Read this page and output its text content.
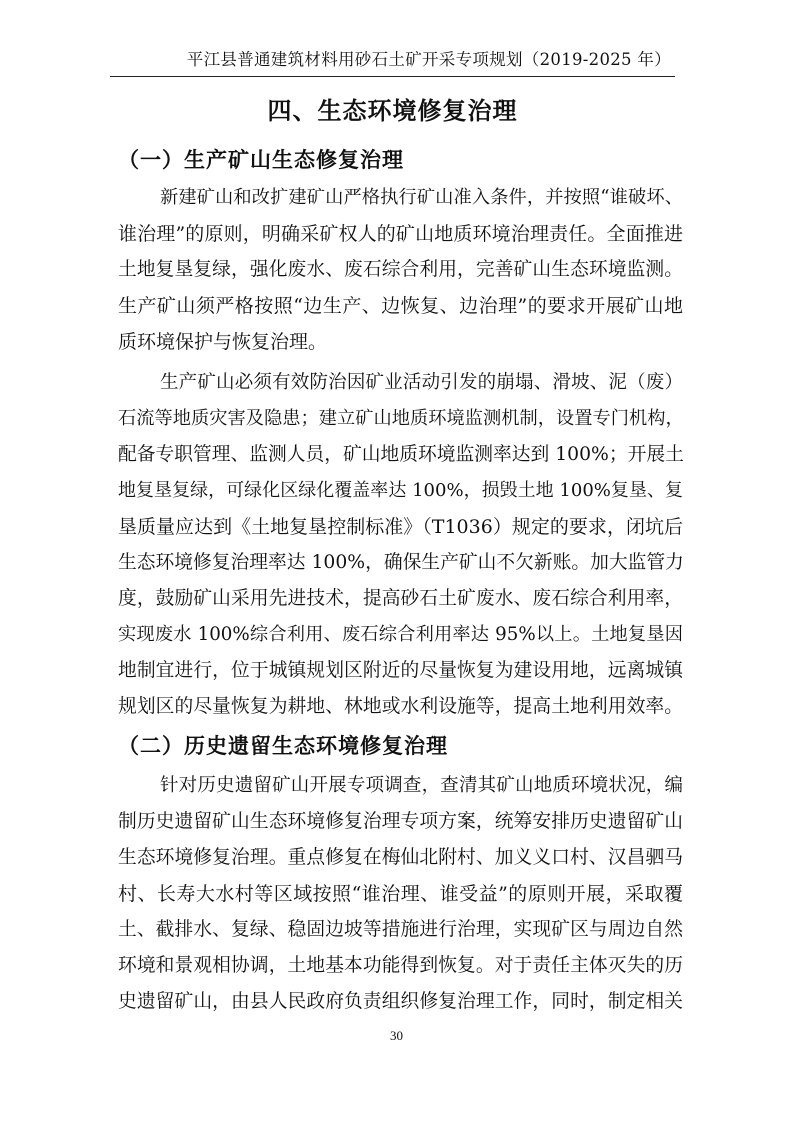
平江县普通建筑材料用砂石土矿开采专项规划（2019-2025 年）
四、生态环境修复治理
（一）生产矿山生态修复治理
新建矿山和改扩建矿山严格执行矿山准入条件，并按照“谁破坏、
谁治理”的原则，明确采矿权人的矿山地质环境治理责任。全面推进
土地复垦复绿，强化废水、废石综合利用，完善矿山生态环境监测。
生产矿山须严格按照“边生产、边恢复、边治理”的要求开展矿山地
质环境保护与恢复治理。
生产矿山必须有效防治因矿业活动引发的崩塌、滑坡、泥（废）
石流等地质灾害及隐患；建立矿山地质环境监测机制，设置专门机构，
配备专职管理、监测人员，矿山地质环境监测率达到 100%；开展土
地复垦复绿，可绿化区绿化覆盖率达 100%，损毁土地 100%复垦、复
垦质量应达到《土地复垦控制标准》（T1036）规定的要求，闭坑后
生态环境修复治理率达 100%，确保生产矿山不欠新账。加大监管力
度，鼓励矿山采用先进技术，提高砂石土矿废水、废石综合利用率，
实现废水 100%综合利用、废石综合利用率达 95%以上。土地复垦因
地制宜进行，位于城镇规划区附近的尽量恢复为建设用地，远离城镇
规划区的尽量恢复为耕地、林地或水利设施等，提高土地利用效率。
（二）历史遗留生态环境修复治理
针对历史遗留矿山开展专项调查，查清其矿山地质环境状况，编
制历史遗留矿山生态环境修复治理专项方案，统筹安排历史遗留矿山
生态环境修复治理。重点修复在梅仙北附村、加义义口村、汉昌驷马
村、长寿大水村等区域按照“谁治理、谁受益”的原则开展，采取覆
土、截排水、复绿、稳固边坡等措施进行治理，实现矿区与周边自然
环境和景观相协调，土地基本功能得到恢复。对于责任主体灭失的历
史遗留矿山，由县人民政府负责组织修复治理工作，同时，制定相关
30
